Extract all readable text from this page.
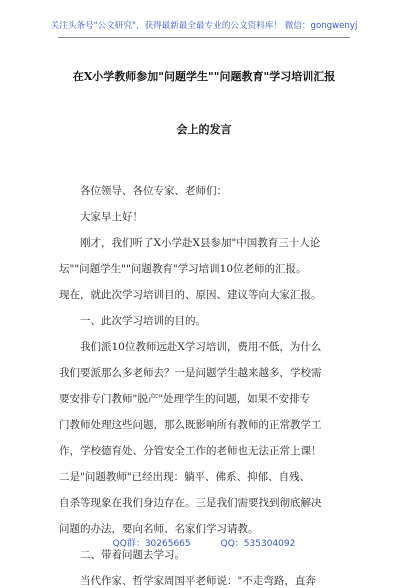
关注头条号"公文研究"，获得最新最全最专业的公文资料库！ 微信：gongwenyj
在X小学教师参加"问题学生""问题教育"学习培训汇报
会上的发言
各位领导、各位专家、老师们：
大家早上好！
刚才，我们听了X小学赴X县参加"中国教育三十人论
坛""问题学生""问题教育"学习培训10位老师的汇报。
现在，就此次学习培训目的、原因、建议等向大家汇报。
一、此次学习培训的目的。
我们派10位教师远赴X学习培训，费用不低，为什么
我们要派那么多老师去？一是问题学生越来越多，学校需
要安排专门教师"脱产"处理学生的问题，如果不安排专
门教师处理这些问题，那么既影响所有教师的正常教学工
作，学校德育处、分管安全工作的老师也无法正常上课！
二是"问题教师"已经出现：躺平、佛系、抑郁、自残、
自杀等现象在我们身边存在。三是我们需要找到彻底解决
问题的办法，要向名师、名家们学习请教。
二、带着问题去学习。
当代作家、哲学家周国平老师说："不走弯路，直奔
QQ群：30265665	QQ：535304092
